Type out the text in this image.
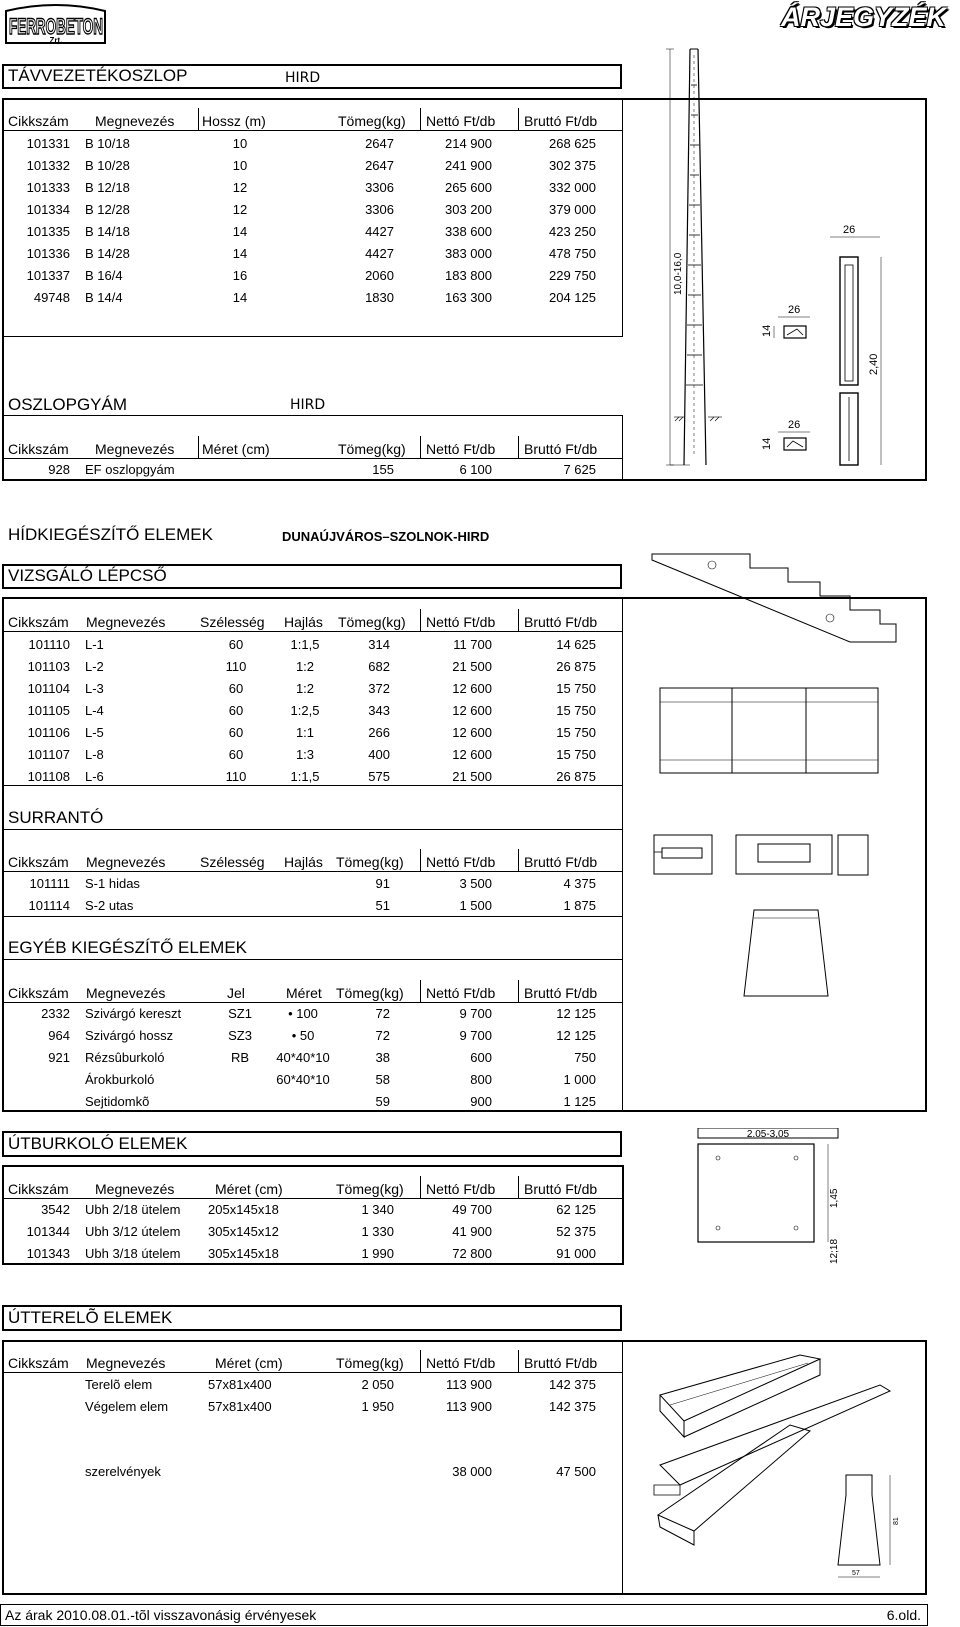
FERROBETON
Zrt.
ÁRJEGYZÉK
TÁVVEZETÉKOSZLOP	HIRD
Cikkszám Megnevezés Hossz (m)	Tömeg(kg) Nettó Ft/db Bruttó Ft/db
101331 B 10/18	10	2647	214 900	268 625
101332 B 10/28	10	2647	241 900	302 375
101333 B 12/18	12	3306	265 600	332 000
101334 B 12/28	12	3306	303 200	379 000
101335 B 14/18	14	4427	338 600	423 250
101336 B 14/28	14	4427	383 000	478 750
101337 B 16/4	16	2060	183 800	229 750
49748 B 14/4	14	1830	163 300	204 125
OSZLOPGYÁM	HIRD
Cikkszám Megnevezés Méret (cm)	Tömeg(kg) Nettó Ft/db Bruttó Ft/db
928 EF oszlopgyám	155	6 100	7 625
10,0-16,0
26
14
26
14
26
2,40
HÍDKIEGÉSZÍTŐ ELEMEK	DUNAÚJVÁROS–SZOLNOK-HIRD
VIZSGÁLÓ LÉPCSŐ
Cikkszám Megnevezés Szélesség Hajlás Tömeg(kg) Nettó Ft/db Bruttó Ft/db
101110 L-1	60	1:1,5	314	11 700	14 625
101103 L-2	110	1:2	682	21 500	26 875
101104 L-3	60	1:2	372	12 600	15 750
101105 L-4	60	1:2,5	343	12 600	15 750
101106 L-5	60	1:1	266	12 600	15 750
101107 L-8	60	1:3	400	12 600	15 750
101108 L-6	110	1:1,5	575	21 500	26 875
SURRANTÓ
Cikkszám Megnevezés Szélesség Hajlás Tömeg(kg) Nettó Ft/db Bruttó Ft/db
101111 S-1 hidas	91	3 500	4 375
101114 S-2 utas	51	1 500	1 875
EGYÉB KIEGÉSZÍTŐ ELEMEK
Cikkszám Megnevezés	Jel	Méret Tömeg(kg) Nettó Ft/db Bruttó Ft/db
2332 Szivárgó kereszt	SZ1	• 100	72	9 700	12 125
964 Szivárgó hossz	SZ3	• 50	72	9 700	12 125
921 Rézsûburkoló	RB	40*40*10	38	600	750
Árokburkoló	60*40*10	58	800	1 000
Sejtidomkõ	59	900	1 125
ÚTBURKOLÓ ELEMEK
Cikkszám Megnevezés	Méret (cm)	Tömeg(kg) Nettó Ft/db Bruttó Ft/db
3542 Ubh 2/18 ütelem	205x145x18	1 340	49 700	62 125
101344 Ubh 3/12 útelem	305x145x12	1 330	41 900	52 375
101343 Ubh 3/18 útelem	305x145x18	1 990	72 800	91 000
2.05-3,05
1,45
12;18
ÚTTERELÕ ELEMEK
Cikkszám Megnevezés	Méret (cm)	Tömeg(kg) Nettó Ft/db Bruttó Ft/db
Terelõ elem	57x81x400	2 050	113 900	142 375
Végelem elem	57x81x400	1 950	113 900	142 375
szerelvények	38 000	47 500
81
57
Az árak 2010.08.01.-tõl visszavonásig érvényesek	6.old.
